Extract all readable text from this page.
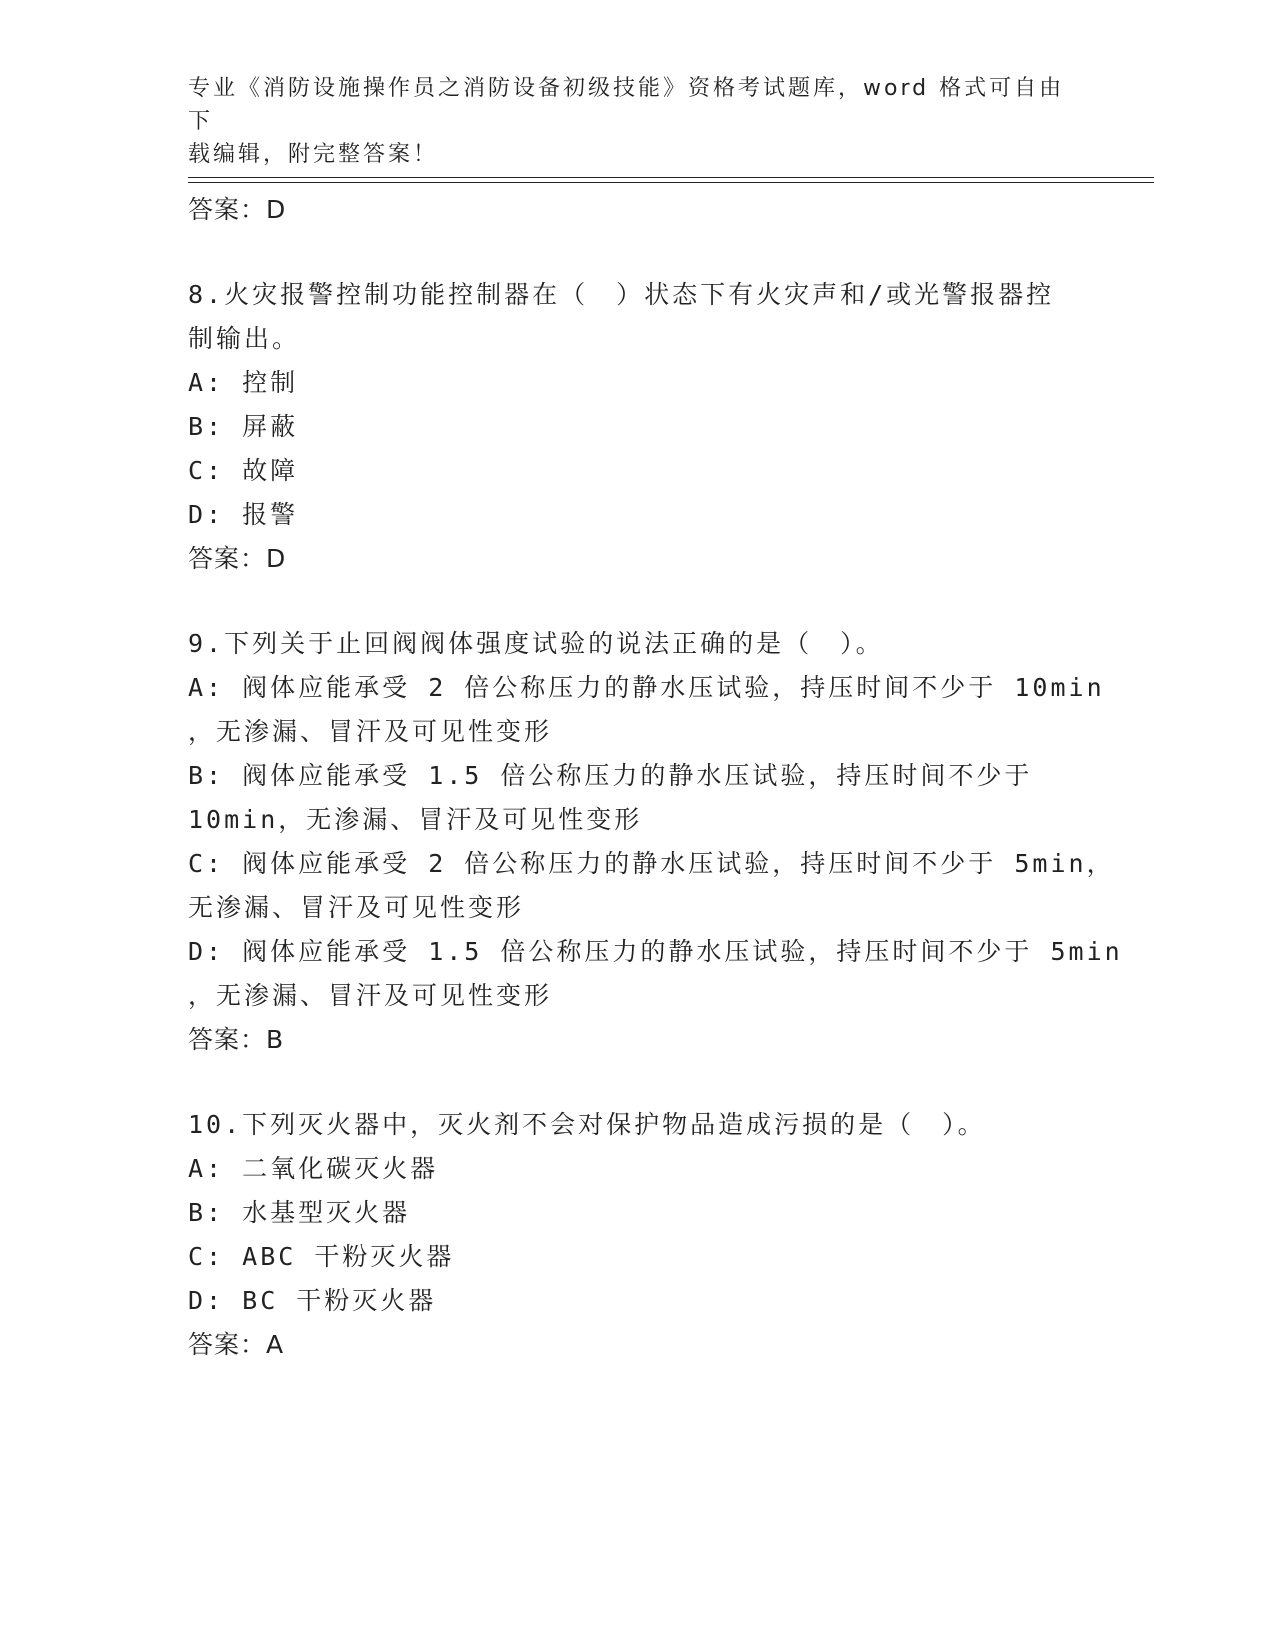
专业《消防设施操作员之消防设备初级技能》资格考试题库，word 格式可自由下
载编辑，附完整答案！
答案：D
8.火灾报警控制功能控制器在（　）状态下有火灾声和/或光警报器控
制输出。
A: 控制
B: 屏蔽
C: 故障
D: 报警
答案：D
9.下列关于止回阀阀体强度试验的说法正确的是（　）。
A: 阀体应能承受 2 倍公称压力的静水压试验，持压时间不少于 10min
，无渗漏、冒汗及可见性变形
B: 阀体应能承受 1.5 倍公称压力的静水压试验，持压时间不少于
10min，无渗漏、冒汗及可见性变形
C: 阀体应能承受 2 倍公称压力的静水压试验，持压时间不少于 5min，
无渗漏、冒汗及可见性变形
D: 阀体应能承受 1.5 倍公称压力的静水压试验，持压时间不少于 5min
，无渗漏、冒汗及可见性变形
答案：B
10.下列灭火器中，灭火剂不会对保护物品造成污损的是（　）。
A: 二氧化碳灭火器
B: 水基型灭火器
C: ABC 干粉灭火器
D: BC 干粉灭火器
答案：A
